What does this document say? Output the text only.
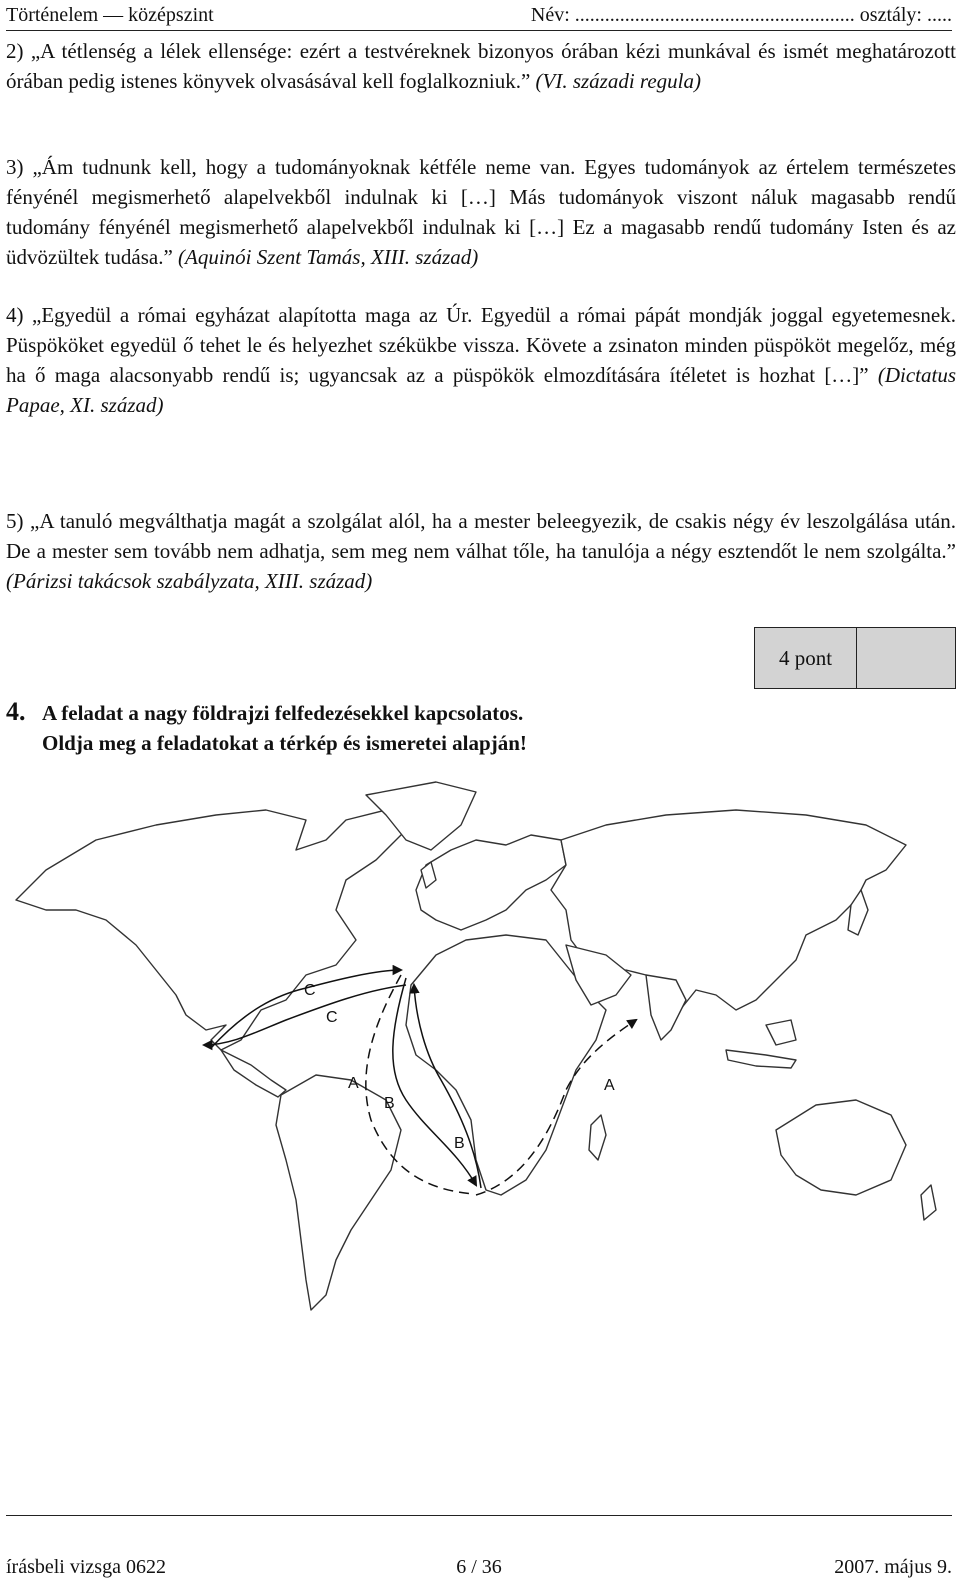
Történelem — középszint	Név: ........................................................ osztály: .....
2) „A tétlenség a lélek ellensége: ezért a testvéreknek bizonyos órában kézi munkával és ismét meghatározott órában pedig istenes könyvek olvasásával kell foglalkozniuk.” (VI. századi regula)
3) „Ám tudnunk kell, hogy a tudományoknak kétféle neme van. Egyes tudományok az értelem természetes fényénél megismerhető alapelvekből indulnak ki […] Más tudományok viszont náluk magasabb rendű tudomány fényénél megismerhető alapelvekből indulnak ki […] Ez a magasabb rendű tudomány Isten és az üdvözültek tudása.” (Aquinói Szent Tamás, XIII. század)
4) „Egyedül a római egyházat alapította maga az Úr. Egyedül a római pápát mondják joggal egyetemesnek. Püspököket egyedül ő tehet le és helyezhet székükbe vissza. Követe a zsinaton minden püspököt megelőz, még ha ő maga alacsonyabb rendű is; ugyancsak az a püspökök elmozdítására ítéletet is hozhat […]” (Dictatus Papae, XI. század)
5) „A tanuló megválthatja magát a szolgálat alól, ha a mester beleegyezik, de csakis négy év leszolgálása után. De a mester sem tovább nem adhatja, sem meg nem válhat tőle, ha tanulója a négy esztendőt le nem szolgálta.” (Párizsi takácsok szabályzata, XIII. század)
4 pont
4. A feladat a nagy földrajzi felfedezésekkel kapcsolatos.
Oldja meg a feladatokat a térkép és ismeretei alapján!
C
C
A	A
B
B
írásbeli vizsga 0622	6 / 36	2007. május 9.
